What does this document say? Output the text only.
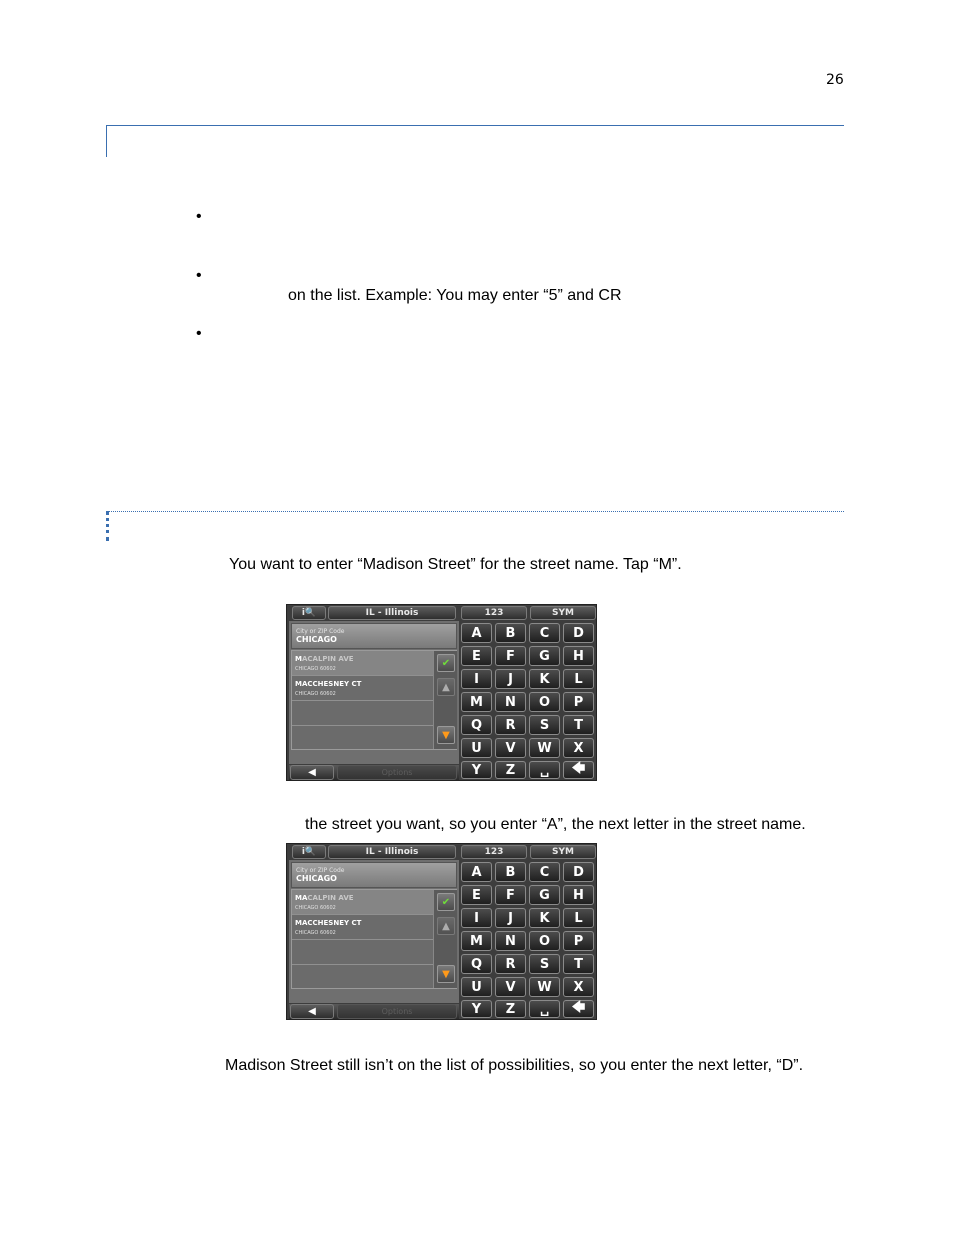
26
•
•
on the list. Example: You may enter “5” and CR
•
You want to enter “Madison Street” for the street name. Tap “M”.
i🔍	IL - Illinois	123	SYM
City or ZIP Code
CHICAGO
MACALPIN AVE
CHICAGO 60602
MACCHESNEY CT
CHICAGO 60602
✔
▲
▼
◀	Options
A	B	C	D
E	F	G	H
I	J	K	L
M	N	O	P
Q	R	S	T
U	V	W	X
Y	Z	␣	🡄
the street you want, so you enter “A”, the next letter in the street name.
i🔍	IL - Illinois	123	SYM
City or ZIP Code
CHICAGO
MACALPIN AVE
CHICAGO 60602
MACCHESNEY CT
CHICAGO 60602
✔
▲
▼
◀	Options
A	B	C	D
E	F	G	H
I	J	K	L
M	N	O	P
Q	R	S	T
U	V	W	X
Y	Z	␣	🡄
Madison Street still isn’t on the list of possibilities, so you enter the next letter, “D”.
